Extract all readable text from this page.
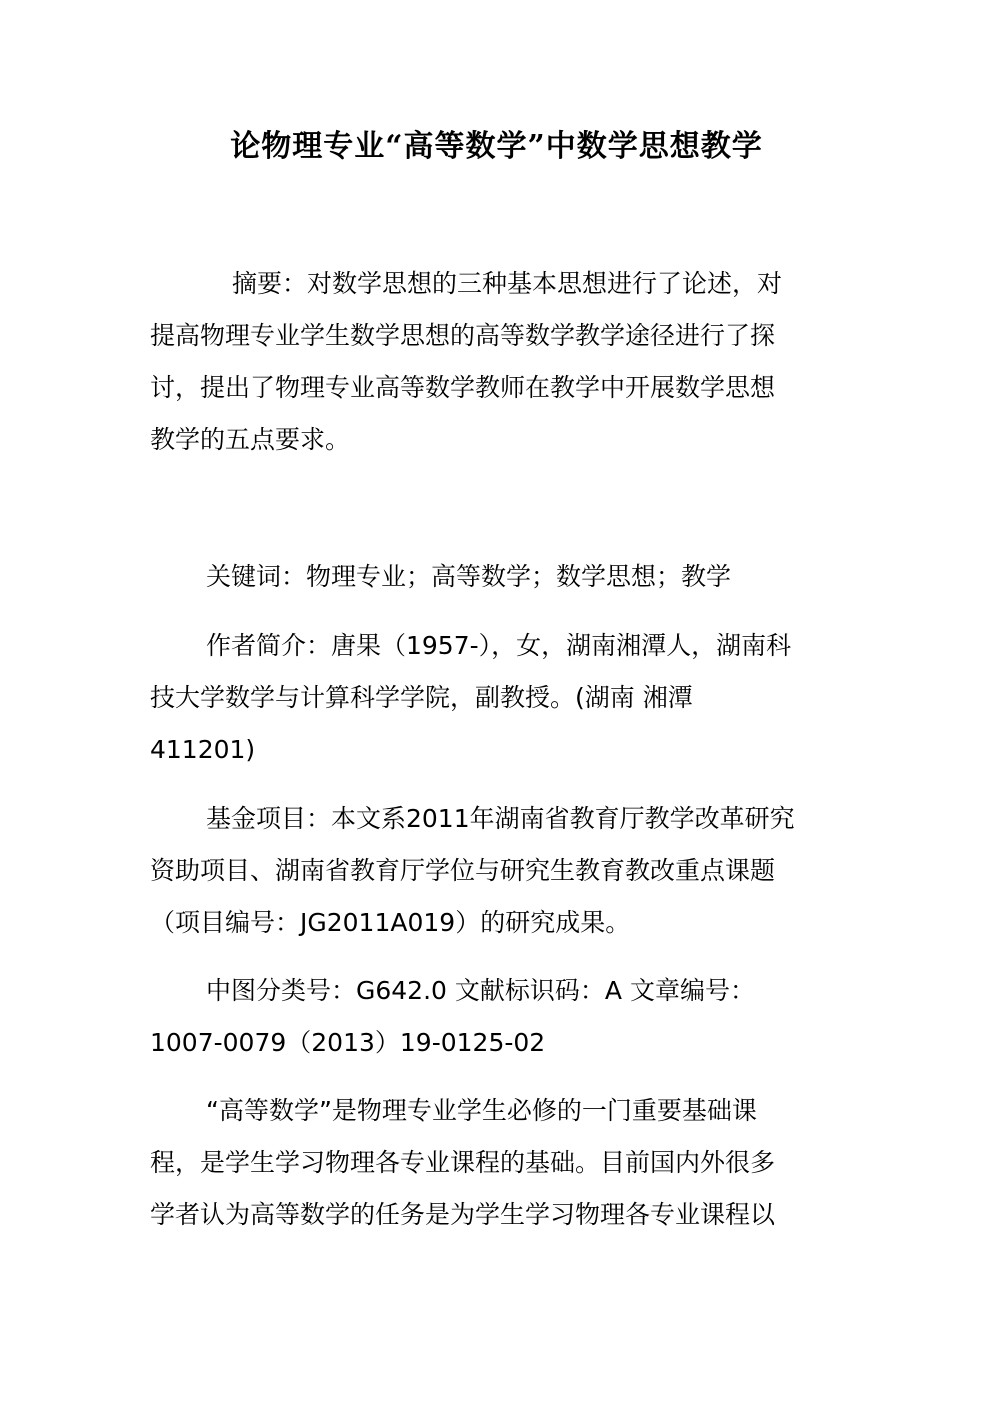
论物理专业“高等数学”中数学思想教学
摘要：对数学思想的三种基本思想进行了论述，对
提高物理专业学生数学思想的高等数学教学途径进行了探
讨，提出了物理专业高等数学教师在教学中开展数学思想
教学的五点要求。
关键词：物理专业；高等数学；数学思想；教学
作者简介：唐果（1957-），女，湖南湘潭人，湖南科
技大学数学与计算科学学院，副教授。(湖南 湘潭
411201)
基金项目：本文系2011年湖南省教育厅教学改革研究
资助项目、湖南省教育厅学位与研究生教育教改重点课题
（项目编号：JG2011A019）的研究成果。
中图分类号：G642.0 文献标识码：A 文章编号：
1007-0079（2013）19-0125-02
“高等数学”是物理专业学生必修的一门重要基础课
程，是学生学习物理各专业课程的基础。目前国内外很多
学者认为高等数学的任务是为学生学习物理各专业课程以
